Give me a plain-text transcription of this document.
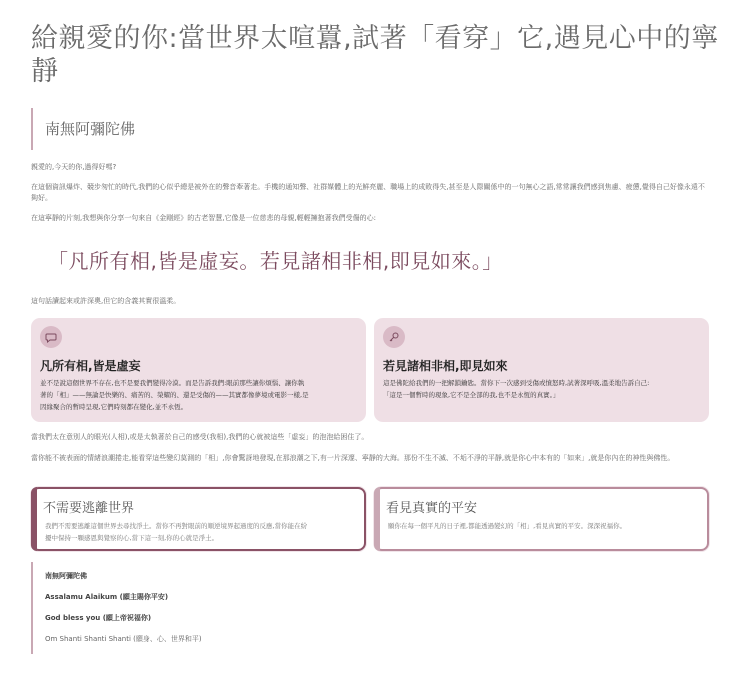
給親愛的你:當世界太喧囂,試著「看穿」它,遇見心中的寧靜
南無阿彌陀佛

親愛的,今天的你,過得好嗎?

在這個資訊爆炸、競步匆忙的時代,我們的心似乎總是被外在的聲音牽著走。手機的通知聲、社群媒體上的光鮮亮麗、職場上的成敗得失,甚至是人際關係中的一句無心之語,常常讓我們感到焦慮、疲憊,覺得自己好像永遠不夠好。

在這寧靜的片刻,我想與你分享一句來自《金剛經》的古老智慧,它像是一位慈悲的母親,輕輕擁抱著我們受傷的心:

「凡所有相,皆是虛妄。若見諸相非相,即見如來。」

這句話讀起來或許深奧,但它的含義其實很溫柔。

凡所有相,皆是虛妄
並不是說這個世界不存在,也不是要我們變得冷漠。而是告訴我們:眼前那些讓你煩惱、讓你執
著的「相」——無論是快樂的、痛苦的、榮耀的、還是受傷的——其實都像夢境或電影一樣,是
因緣聚合的暫時呈現,它們時刻都在變化,並不永恆。
若見諸相非相,即見如來
這是佛陀給我們的一把解鎖鑰匙。當你下一次感到受傷或憤怒時,試著深呼吸,溫柔地告訴自己:
「這是一個暫時的現象,它不是全部的我,也不是永恆的真實。」

當我們太在意別人的眼光(人相),或是太執著於自己的感受(我相),我們的心就被這些「虛妄」的泡泡給困住了。

當你能不被表面的情緒浪潮捲走,能看穿這些變幻莫測的「相」,你會驚訝地發現,在那浪潮之下,有一片深邃、寧靜的大海。那份不生不滅、不垢不淨的平靜,就是你心中本有的「如來」,就是你內在的神性與佛性。

不需要逃離世界
我們不需要逃離這個世界去尋找淨土。當你不再對眼前的順逆境界起過度的反應,當你能在紛
擾中保持一顆感恩與覺察的心,當下這一刻,你的心就是淨土。
看見真實的平安
願你在每一個平凡的日子裡,都能透過變幻的「相」,看見真實的平安。深深祝福你。
南無阿彌陀佛
Assalamu Alaikum (願主賜你平安)
God bless you (願上帝祝福你)
Om Shanti Shanti Shanti (願身、心、世界和平)
